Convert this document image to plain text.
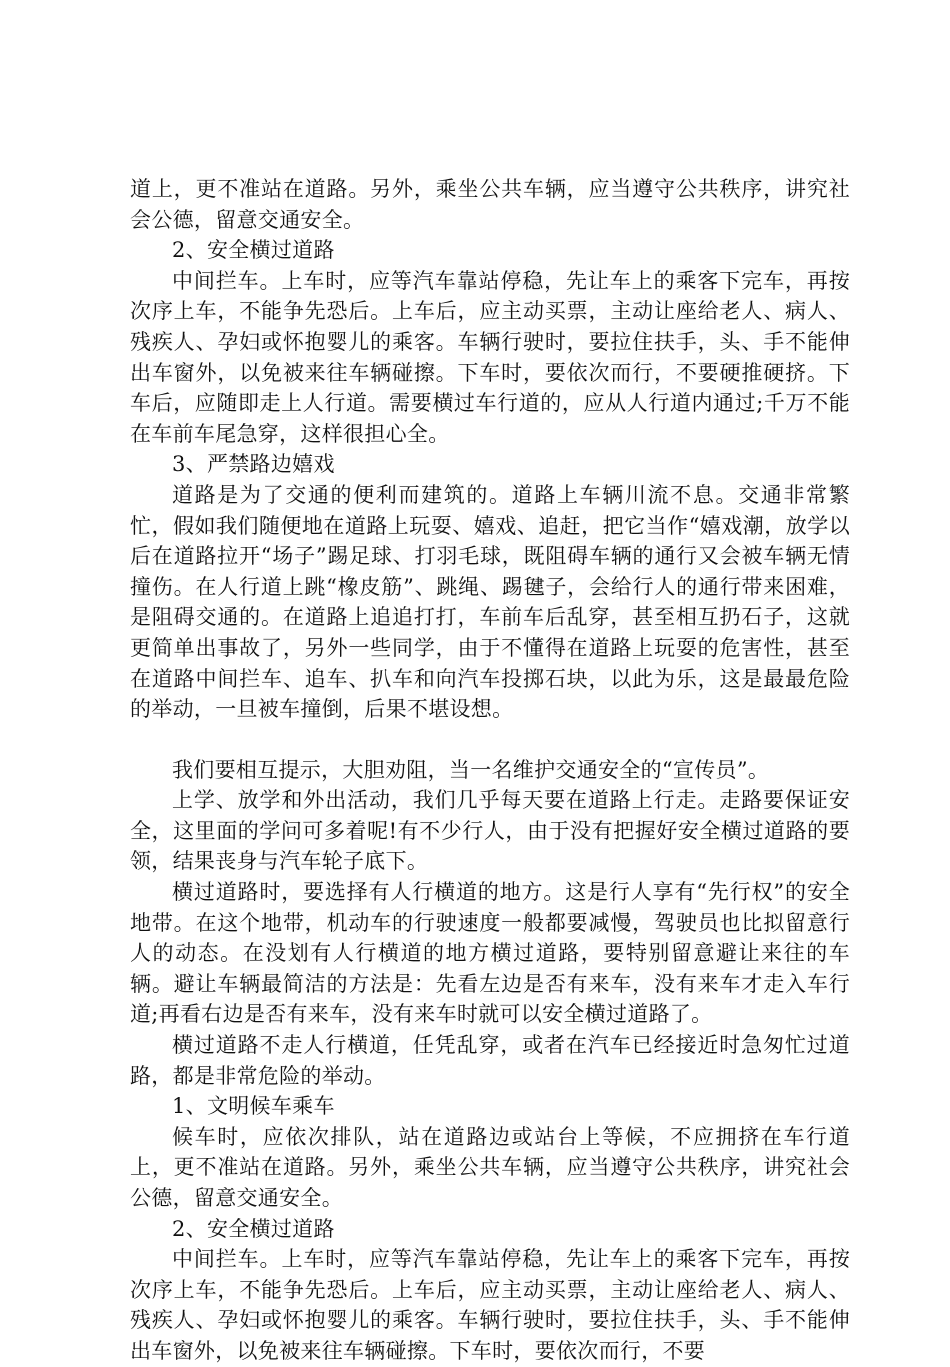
道上，更不准站在道路。另外，乘坐公共车辆，应当遵守公共秩序，讲究社会公德，留意交通安全。

2、安全横过道路

中间拦车。上车时，应等汽车靠站停稳，先让车上的乘客下完车，再按次序上车，不能争先恐后。上车后，应主动买票，主动让座给老人、病人、残疾人、孕妇或怀抱婴儿的乘客。车辆行驶时，要拉住扶手，头、手不能伸出车窗外，以免被来往车辆碰擦。下车时，要依次而行，不要硬推硬挤。下车后，应随即走上人行道。需要横过车行道的，应从人行道内通过;千万不能在车前车尾急穿，这样很担心全。

3、严禁路边嬉戏

道路是为了交通的便利而建筑的。道路上车辆川流不息。交通非常繁忙，假如我们随便地在道路上玩耍、嬉戏、追赶，把它当作“嬉戏潮，放学以后在道路拉开“场子”踢足球、打羽毛球，既阻碍车辆的通行又会被车辆无情撞伤。在人行道上跳“橡皮筋”、跳绳、踢毽子，会给行人的通行带来困难，是阻碍交通的。在道路上追追打打，车前车后乱穿，甚至相互扔石子，这就更简单出事故了，另外一些同学，由于不懂得在道路上玩耍的危害性，甚至在道路中间拦车、追车、扒车和向汽车投掷石块，以此为乐，这是最最危险的举动，一旦被车撞倒，后果不堪设想。

我们要相互提示，大胆劝阻，当一名维护交通安全的“宣传员”。

上学、放学和外出活动，我们几乎每天要在道路上行走。走路要保证安全，这里面的学问可多着呢!有不少行人，由于没有把握好安全横过道路的要领，结果丧身与汽车轮子底下。

横过道路时，要选择有人行横道的地方。这是行人享有“先行权”的安全地带。在这个地带，机动车的行驶速度一般都要减慢，驾驶员也比拟留意行人的动态。在没划有人行横道的地方横过道路，要特别留意避让来往的车辆。避让车辆最简洁的方法是：先看左边是否有来车，没有来车才走入车行道;再看右边是否有来车，没有来车时就可以安全横过道路了。

横过道路不走人行横道，任凭乱穿，或者在汽车已经接近时急匆忙过道路，都是非常危险的举动。

1、文明候车乘车

候车时，应依次排队，站在道路边或站台上等候，不应拥挤在车行道上，更不准站在道路。另外，乘坐公共车辆，应当遵守公共秩序，讲究社会公德，留意交通安全。

2、安全横过道路

中间拦车。上车时，应等汽车靠站停稳，先让车上的乘客下完车，再按次序上车，不能争先恐后。上车后，应主动买票，主动让座给老人、病人、残疾人、孕妇或怀抱婴儿的乘客。车辆行驶时，要拉住扶手，头、手不能伸出车窗外，以免被来往车辆碰擦。下车时，要依次而行，不要
